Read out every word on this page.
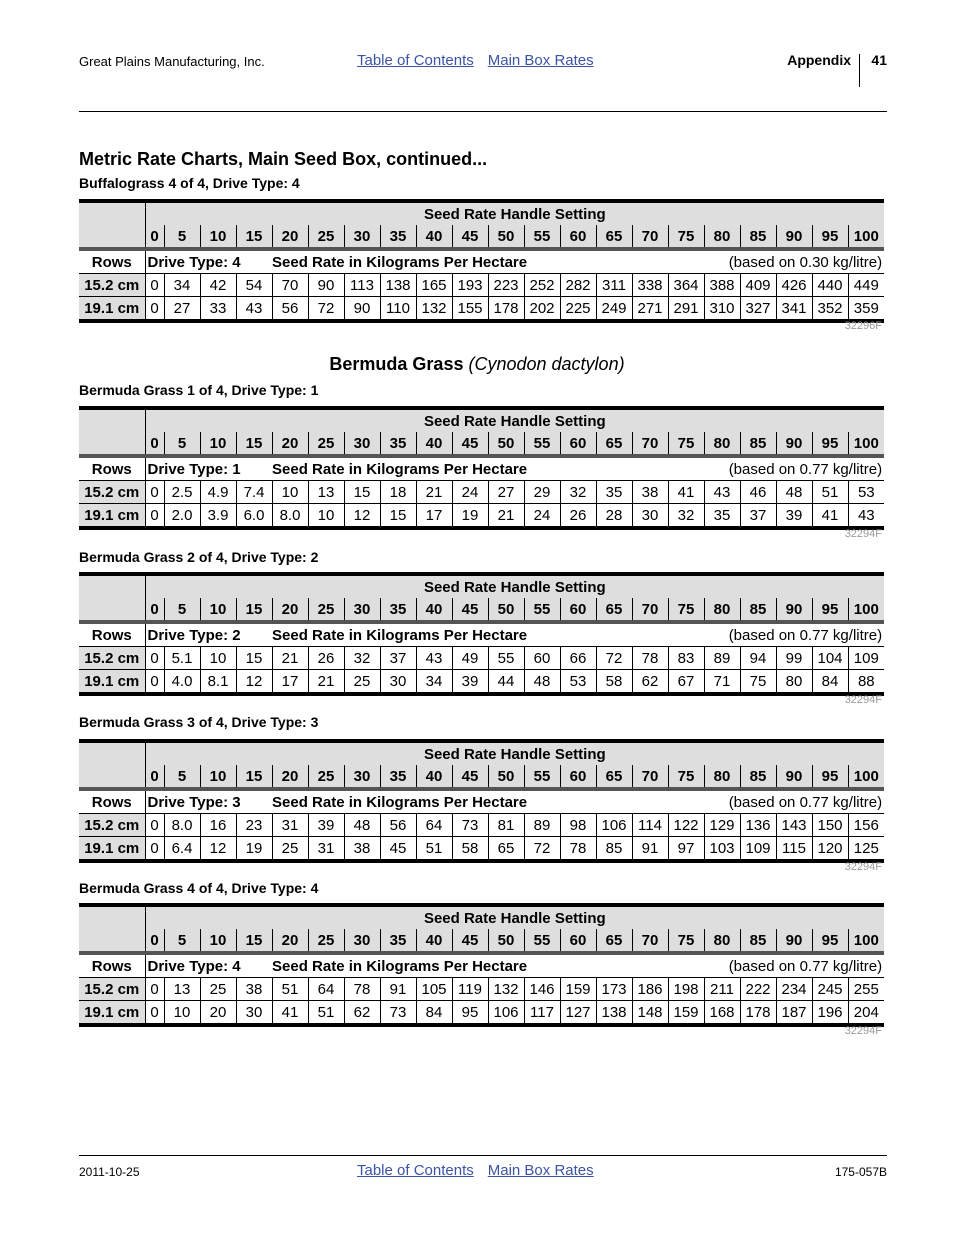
Great Plains Manufacturing, Inc.	Table of Contents Main Box Rates	Appendix 41
Metric Rate Charts, Main Seed Box, continued...
Buffalograss 4 of 4, Drive Type: 4
Bermuda Grass (Cynodon dactylon)
Bermuda Grass 1 of 4, Drive Type: 1
Bermuda Grass 2 of 4, Drive Type: 2
Bermuda Grass 3 of 4, Drive Type: 3
Bermuda Grass 4 of 4, Drive Type: 4
	Seed Rate Handle Setting																				
	0	5	10	15	20	25	30	35	40	45	50	55	60	65	70	75	80	85	90	95	100
Rows	Drive Type: 4				Seed Rate in Kilograms Per Hectare									(based on 0.30 kg/litre)							
15.2 cm	0	34	42	54	70	90	113	138	165	193	223	252	282	311	338	364	388	409	426	440	449
19.1 cm	0	27	33	43	56	72	90	110	132	155	178	202	225	249	271	291	310	327	341	352	359
32296F
	Seed Rate Handle Setting																				
	0	5	10	15	20	25	30	35	40	45	50	55	60	65	70	75	80	85	90	95	100
Rows	Drive Type: 1				Seed Rate in Kilograms Per Hectare									(based on 0.77 kg/litre)							
15.2 cm	0	2.5	4.9	7.4	10	13	15	18	21	24	27	29	32	35	38	41	43	46	48	51	53
19.1 cm	0	2.0	3.9	6.0	8.0	10	12	15	17	19	21	24	26	28	30	32	35	37	39	41	43
32294F
	Seed Rate Handle Setting																				
	0	5	10	15	20	25	30	35	40	45	50	55	60	65	70	75	80	85	90	95	100
Rows	Drive Type: 2				Seed Rate in Kilograms Per Hectare									(based on 0.77 kg/litre)							
15.2 cm	0	5.1	10	15	21	26	32	37	43	49	55	60	66	72	78	83	89	94	99	104	109
19.1 cm	0	4.0	8.1	12	17	21	25	30	34	39	44	48	53	58	62	67	71	75	80	84	88
32294F
	Seed Rate Handle Setting																				
	0	5	10	15	20	25	30	35	40	45	50	55	60	65	70	75	80	85	90	95	100
Rows	Drive Type: 3				Seed Rate in Kilograms Per Hectare									(based on 0.77 kg/litre)							
15.2 cm	0	8.0	16	23	31	39	48	56	64	73	81	89	98	106	114	122	129	136	143	150	156
19.1 cm	0	6.4	12	19	25	31	38	45	51	58	65	72	78	85	91	97	103	109	115	120	125
32294F
	Seed Rate Handle Setting																				
	0	5	10	15	20	25	30	35	40	45	50	55	60	65	70	75	80	85	90	95	100
Rows	Drive Type: 4				Seed Rate in Kilograms Per Hectare									(based on 0.77 kg/litre)							
15.2 cm	0	13	25	38	51	64	78	91	105	119	132	146	159	173	186	198	211	222	234	245	255
19.1 cm	0	10	20	30	41	51	62	73	84	95	106	117	127	138	148	159	168	178	187	196	204
32294F
2011-10-25	Table of Contents Main Box Rates	175-057B
